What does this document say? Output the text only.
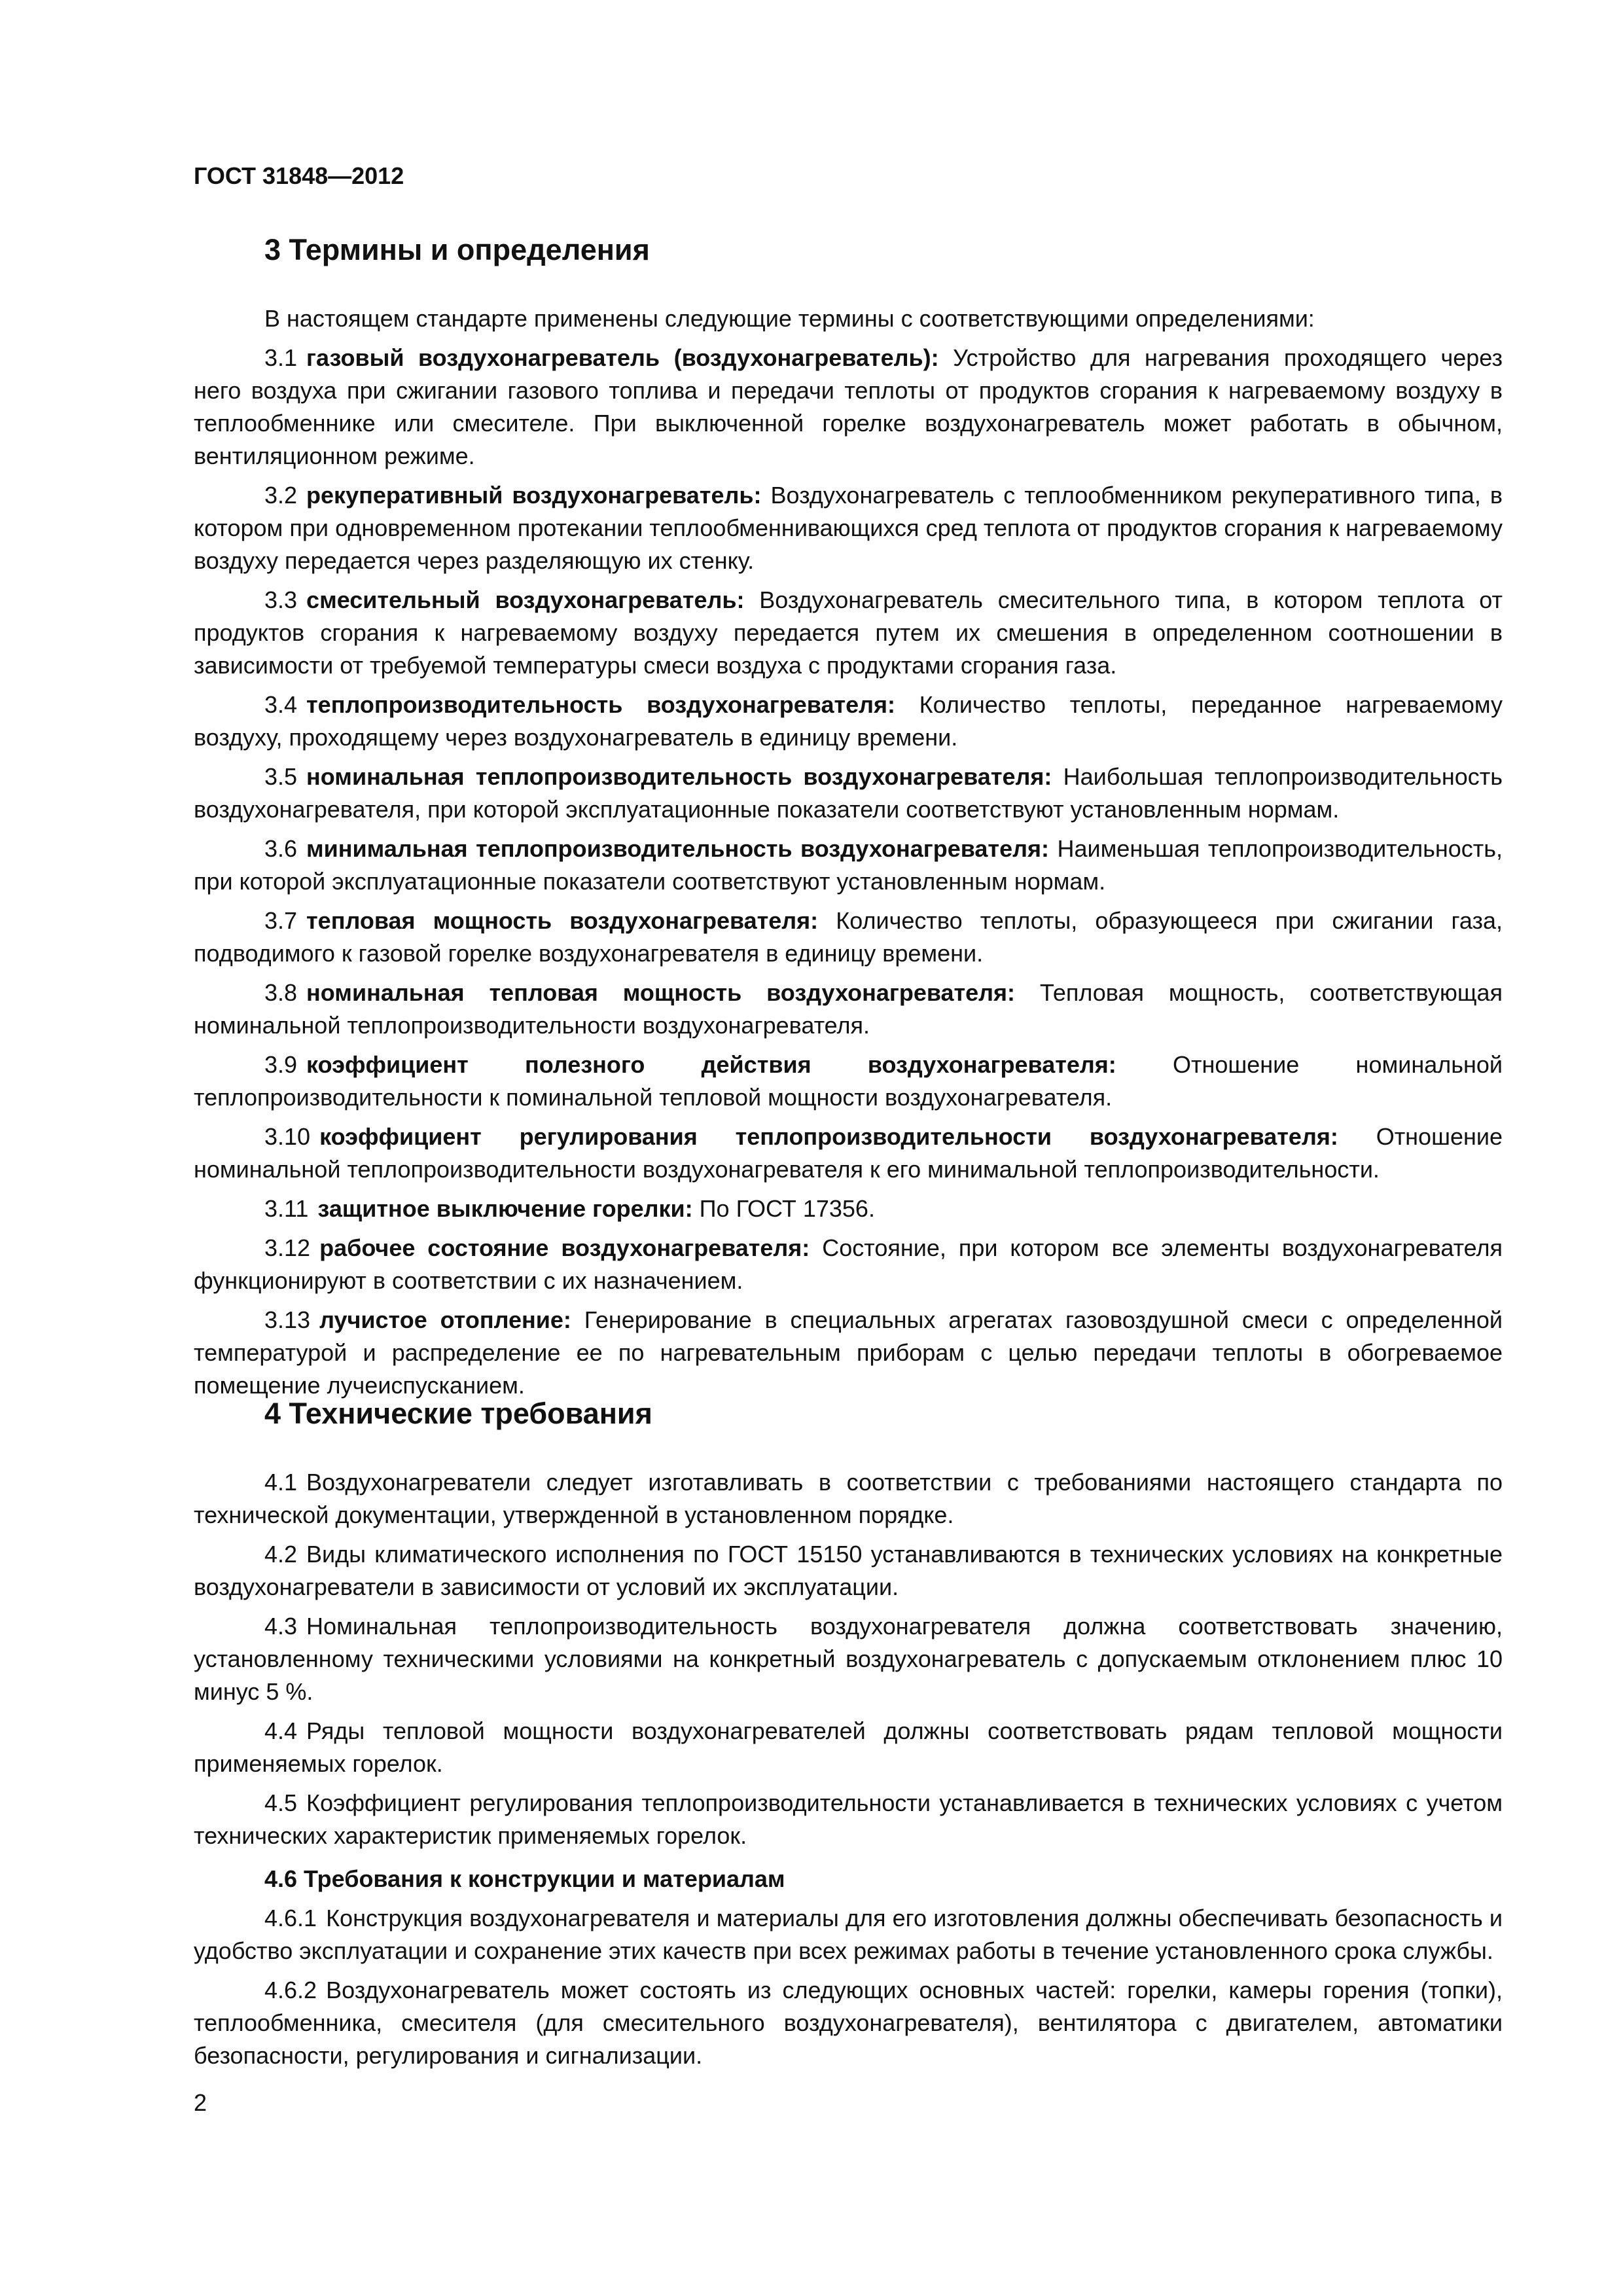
ГОСТ 31848—2012
3 Термины и определения

В настоящем стандарте применены следующие термины с соответствующими определениями:

3.1 газовый воздухонагреватель (воздухонагреватель): Устройство для нагревания проходящего через него воздуха при сжигании газового топлива и передачи теплоты от продуктов сгорания к нагреваемому воздуху в теплообменнике или смесителе. При выключенной горелке воздухонагреватель может работать в обычном, вентиляционном режиме.

3.2 рекуперативный воздухонагреватель: Воздухонагреватель с теплообменником рекуперативного типа, в котором при одновременном протекании теплообменнивающихся сред теплота от продуктов сгорания к нагреваемому воздуху передается через разделяющую их стенку.

3.3 смесительный воздухонагреватель: Воздухонагреватель смесительного типа, в котором теплота от продуктов сгорания к нагреваемому воздуху передается путем их смешения в определенном соотношении в зависимости от требуемой температуры смеси воздуха с продуктами сгорания газа.

3.4 теплопроизводительность воздухонагревателя: Количество теплоты, переданное нагреваемому воздуху, проходящему через воздухонагреватель в единицу времени.

3.5 номинальная теплопроизводительность воздухонагревателя: Наибольшая теплопроизводительность воздухонагревателя, при которой эксплуатационные показатели соответствуют установленным нормам.

3.6 минимальная теплопроизводительность воздухонагревателя: Наименьшая теплопроизводительность, при которой эксплуатационные показатели соответствуют установленным нормам.

3.7 тепловая мощность воздухонагревателя: Количество теплоты, образующееся при сжигании газа, подводимого к газовой горелке воздухонагревателя в единицу времени.

3.8 номинальная тепловая мощность воздухонагревателя: Тепловая мощность, соответствующая номинальной теплопроизводительности воздухонагревателя.

3.9 коэффициент полезного действия воздухонагревателя: Отношение номинальной теплопроизводительности к поминальной тепловой мощности воздухонагревателя.

3.10 коэффициент регулирования теплопроизводительности воздухонагревателя: Отношение номинальной теплопроизводительности воздухонагревателя к его минимальной теплопроизводительности.

3.11 защитное выключение горелки: По ГОСТ 17356.

3.12 рабочее состояние воздухонагревателя: Состояние, при котором все элементы воздухонагревателя функционируют в соответствии с их назначением.

3.13 лучистое отопление: Генерирование в специальных агрегатах газовоздушной смеси с определенной температурой и распределение ее по нагревательным приборам с целью передачи теплоты в обогреваемое помещение лучеиспусканием.

4 Технические требования

4.1 Воздухонагреватели следует изготавливать в соответствии с требованиями настоящего стандарта по технической документации, утвержденной в установленном порядке.

4.2 Виды климатического исполнения по ГОСТ 15150 устанавливаются в технических условиях на конкретные воздухонагреватели в зависимости от условий их эксплуатации.

4.3 Номинальная теплопроизводительность воздухонагревателя должна соответствовать значению, установленному техническими условиями на конкретный воздухонагреватель с допускаемым отклонением плюс 10 минус 5 %.

4.4 Ряды тепловой мощности воздухонагревателей должны соответствовать рядам тепловой мощности применяемых горелок.

4.5 Коэффициент регулирования теплопроизводительности устанавливается в технических условиях с учетом технических характеристик применяемых горелок.

4.6 Требования к конструкции и материалам

4.6.1 Конструкция воздухонагревателя и материалы для его изготовления должны обеспечивать безопасность и удобство эксплуатации и сохранение этих качеств при всех режимах работы в течение установленного срока службы.

4.6.2 Воздухонагреватель может состоять из следующих основных частей: горелки, камеры горения (топки), теплообменника, смесителя (для смесительного воздухонагревателя), вентилятора с двигателем, автоматики безопасности, регулирования и сигнализации.

2
